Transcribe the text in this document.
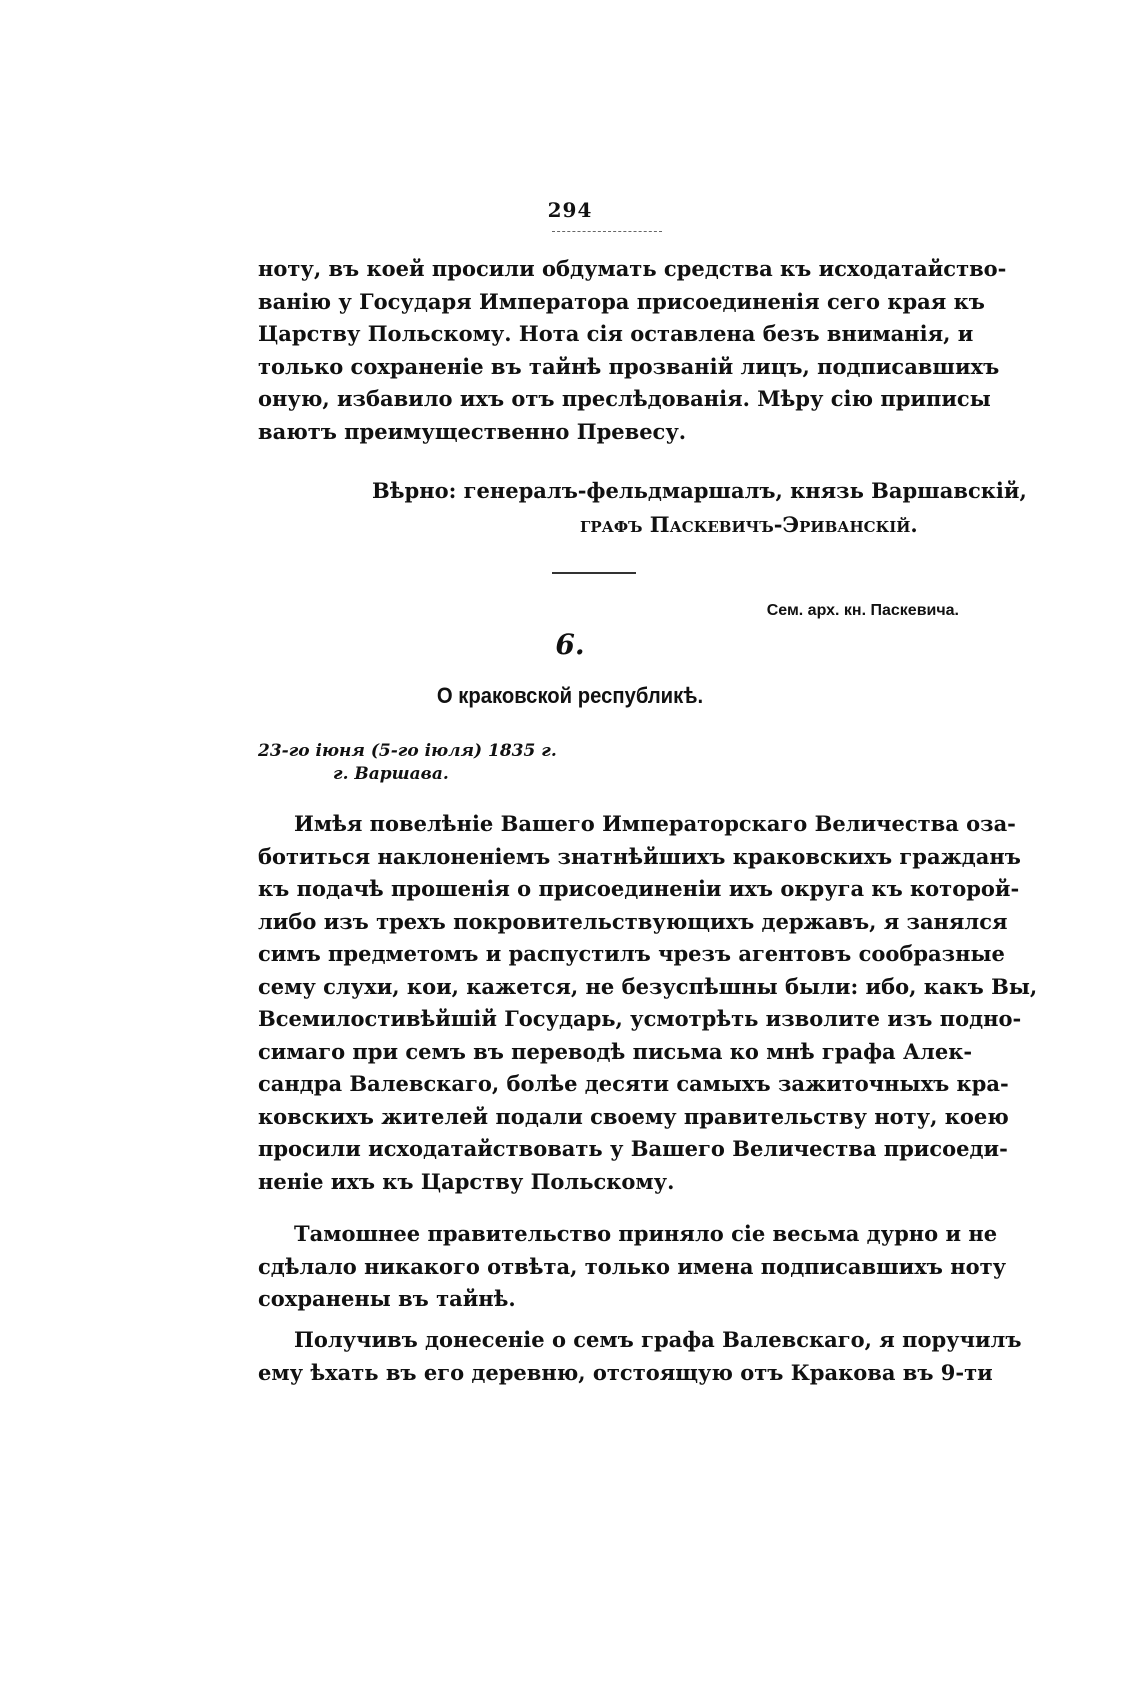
294

ноту, въ коей просили обдумать средства къ исходатайство-
ванію у Государя Императора присоединенія сего края къ
Царству Польскому. Нота сія оставлена безъ вниманія, и
только сохраненіе въ тайнѣ прозваній лицъ, подписавшихъ
оную, избавило ихъ отъ преслѣдованія. Мѣру сію приписы
ваютъ преимущественно Превесу.

Вѣрно: генералъ-фельдмаршалъ, князь Варшавскій,
графъ Паскевичъ-Эриванскій.
Сем. арх. кн. Паскевича.
6.
О краковской республикѣ.
23-го іюня (5-го іюля) 1835 г.
г. Варшава.

Имѣя повелѣніе Вашего Императорскаго Величества оза-
ботиться наклоненіемъ знатнѣйшихъ краковскихъ гражданъ
къ подачѣ прошенія о присоединеніи ихъ округа къ которой-
либо изъ трехъ покровительствующихъ державъ, я занялся
симъ предметомъ и распустилъ чрезъ агентовъ сообразные
сему слухи, кои, кажется, не безуспѣшны были: ибо, какъ Вы,
Всемилостивѣйшій Государь, усмотрѣть изволите изъ подно-
симаго при семъ въ переводѣ письма ко мнѣ графа Алек-
сандра Валевскаго, болѣе десяти самыхъ зажиточныхъ кра-
ковскихъ жителей подали своему правительству ноту, коею
просили исходатайствовать у Вашего Величества присоеди-
неніе ихъ къ Царству Польскому.

Тамошнее правительство приняло сіе весьма дурно и не
сдѣлало никакого отвѣта, только имена подписавшихъ ноту
сохранены въ тайнѣ.

Получивъ донесеніе о семъ графа Валевскаго, я поручилъ
ему ѣхать въ его деревню, отстоящую отъ Кракова въ 9-ти
